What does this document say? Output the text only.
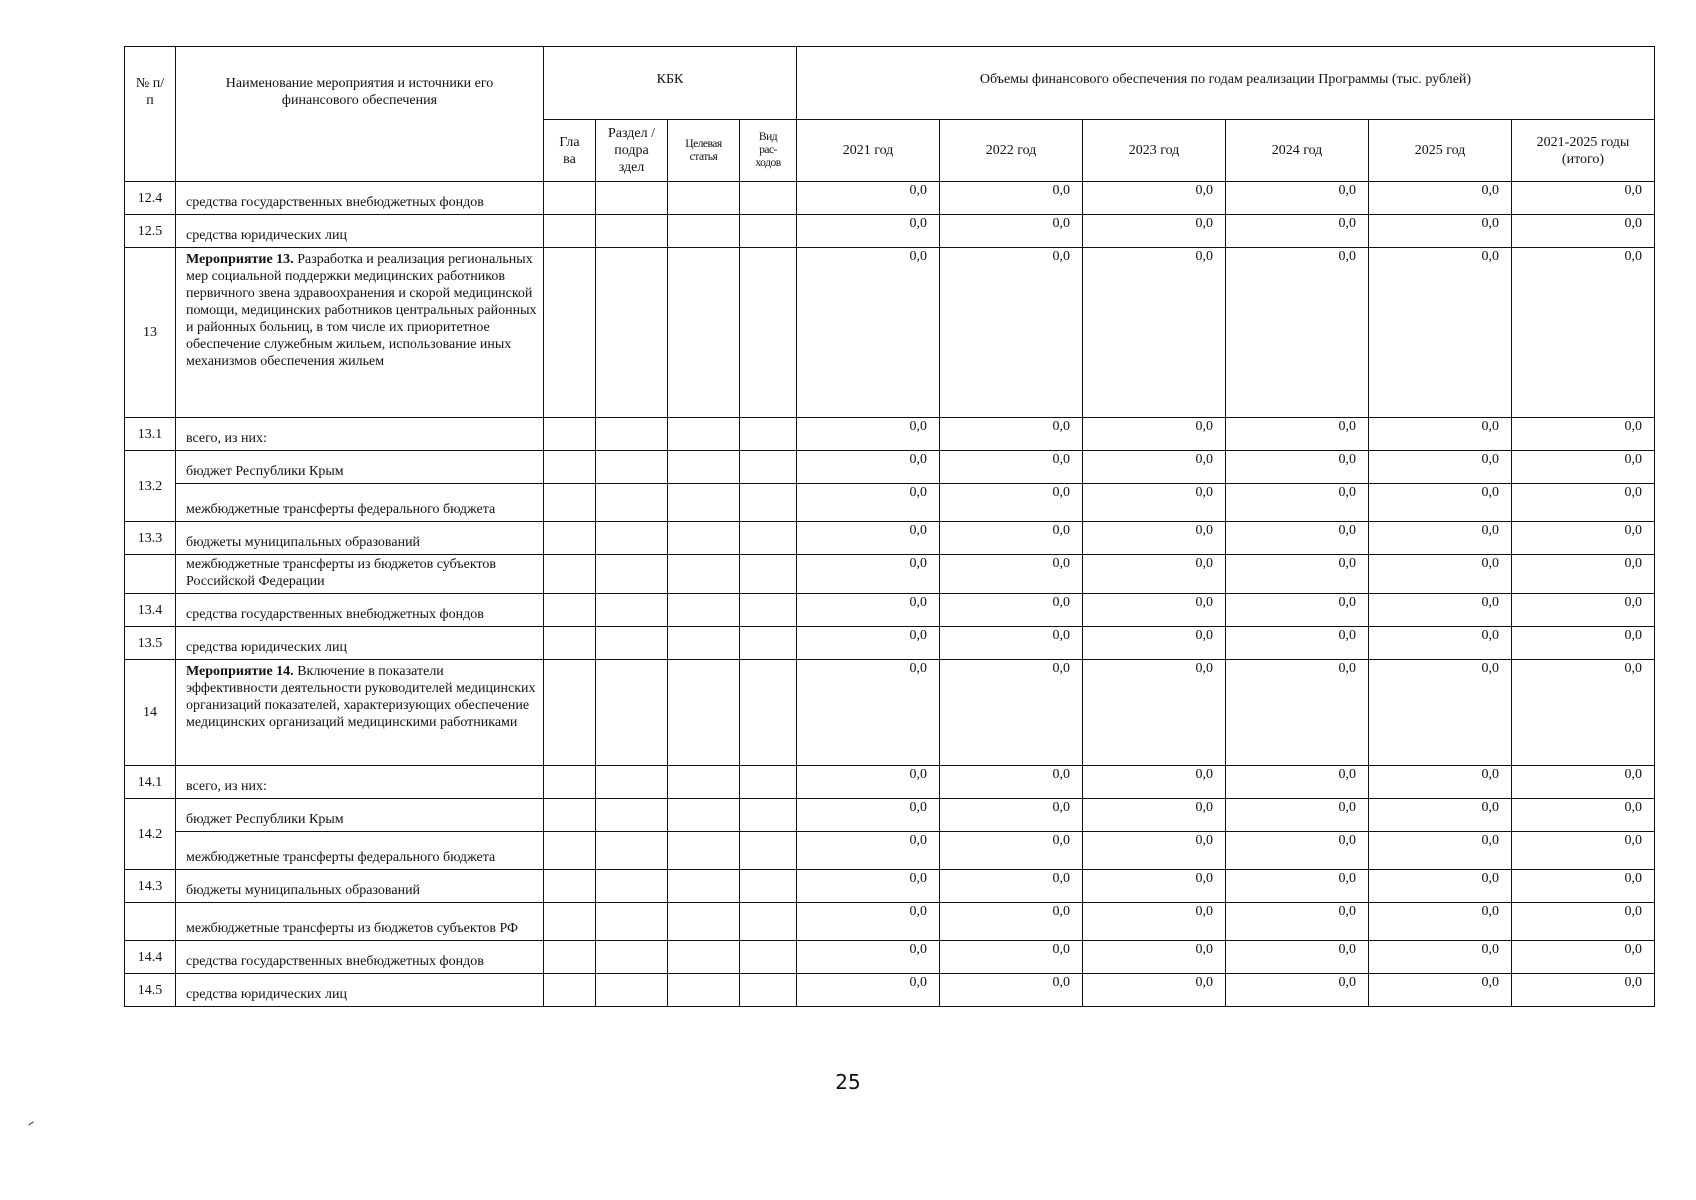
№ п/п	Наименование мероприятия и источники его финансового обеспечения	КБК				Объемы финансового обеспечения по годам реализации Программы (тыс. рублей)					
		Гла ва	Раздел /подра здел	Целевая статья	Вид рас- ходов	2021 год	2022 год	2023 год	2024 год	2025 год	2021-2025 годы (итого)
12.4	средства государственных внебюджетных фондов					0,0	0,0	0,0	0,0	0,0	0,0
12.5	средства юридических лиц					0,0	0,0	0,0	0,0	0,0	0,0
13	Мероприятие 13. Разработка и реализация региональных мер социальной поддержки медицинских работников первичного звена здравоохранения и скорой медицинской помощи, медицинских работников центральных районных и районных больниц, в том числе их приоритетное обеспечение служебным жильем, использование иных механизмов обеспечения жильем					0,0	0,0	0,0	0,0	0,0	0,0
13.1	всего, из них:					0,0	0,0	0,0	0,0	0,0	0,0
13.2	бюджет Республики Крым					0,0	0,0	0,0	0,0	0,0	0,0
	межбюджетные трансферты федерального бюджета					0,0	0,0	0,0	0,0	0,0	0,0
13.3	бюджеты муниципальных образований					0,0	0,0	0,0	0,0	0,0	0,0
	межбюджетные трансферты из бюджетов субъектов Российской Федерации					0,0	0,0	0,0	0,0	0,0	0,0
13.4	средства государственных внебюджетных фондов					0,0	0,0	0,0	0,0	0,0	0,0
13.5	средства юридических лиц					0,0	0,0	0,0	0,0	0,0	0,0
14	Мероприятие 14. Включение в показатели эффективности деятельности руководителей медицинских организаций показателей, характеризующих обеспечение медицинских организаций медицинскими работниками					0,0	0,0	0,0	0,0	0,0	0,0
14.1	всего, из них:					0,0	0,0	0,0	0,0	0,0	0,0
14.2	бюджет Республики Крым					0,0	0,0	0,0	0,0	0,0	0,0
	межбюджетные трансферты федерального бюджета					0,0	0,0	0,0	0,0	0,0	0,0
14.3	бюджеты муниципальных образований					0,0	0,0	0,0	0,0	0,0	0,0
	межбюджетные трансферты из бюджетов субъектов РФ					0,0	0,0	0,0	0,0	0,0	0,0
14.4	средства государственных внебюджетных фондов					0,0	0,0	0,0	0,0	0,0	0,0
14.5	средства юридических лиц					0,0	0,0	0,0	0,0	0,0	0,0
25
